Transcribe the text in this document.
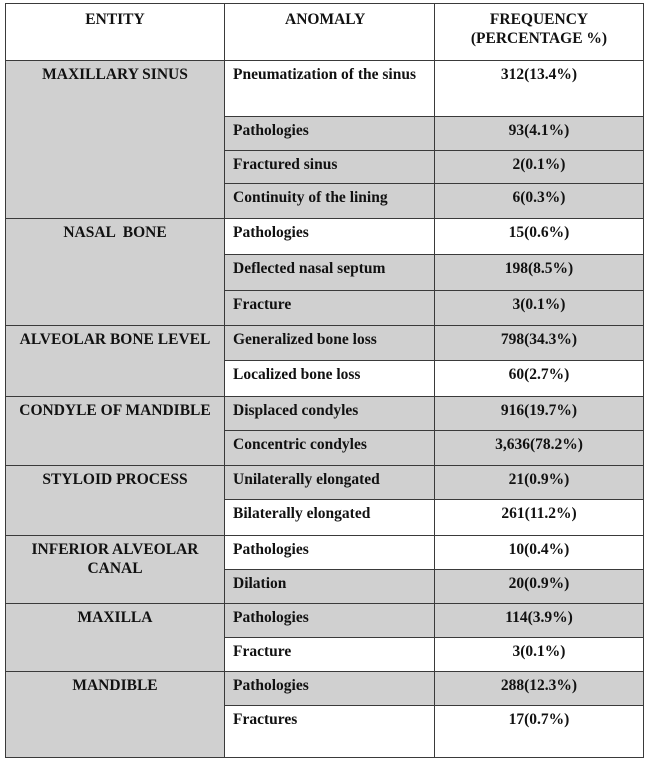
ENTITY	ANOMALY	FREQUENCY
(PERCENTAGE %)

MAXILLARY SINUS	Pneumatization of the sinus	312(13.4%)
	Pathologies	93(4.1%)
	Fractured sinus	2(0.1%)
	Continuity of the lining	6(0.3%)
NASAL  BONE	Pathologies	15(0.6%)
	Deflected nasal septum	198(8.5%)
	Fracture	3(0.1%)
ALVEOLAR BONE LEVEL	Generalized bone loss	798(34.3%)
	Localized bone loss	60(2.7%)
CONDYLE OF MANDIBLE	Displaced condyles	916(19.7%)
	Concentric condyles	3,636(78.2%)
STYLOID PROCESS	Unilaterally elongated	21(0.9%)
	Bilaterally elongated	261(11.2%)
INFERIOR ALVEOLAR CANAL	Pathologies	10(0.4%)
	Dilation	20(0.9%)
MAXILLA	Pathologies	114(3.9%)
	Fracture	3(0.1%)
MANDIBLE	Pathologies	288(12.3%)
	Fractures	17(0.7%)
